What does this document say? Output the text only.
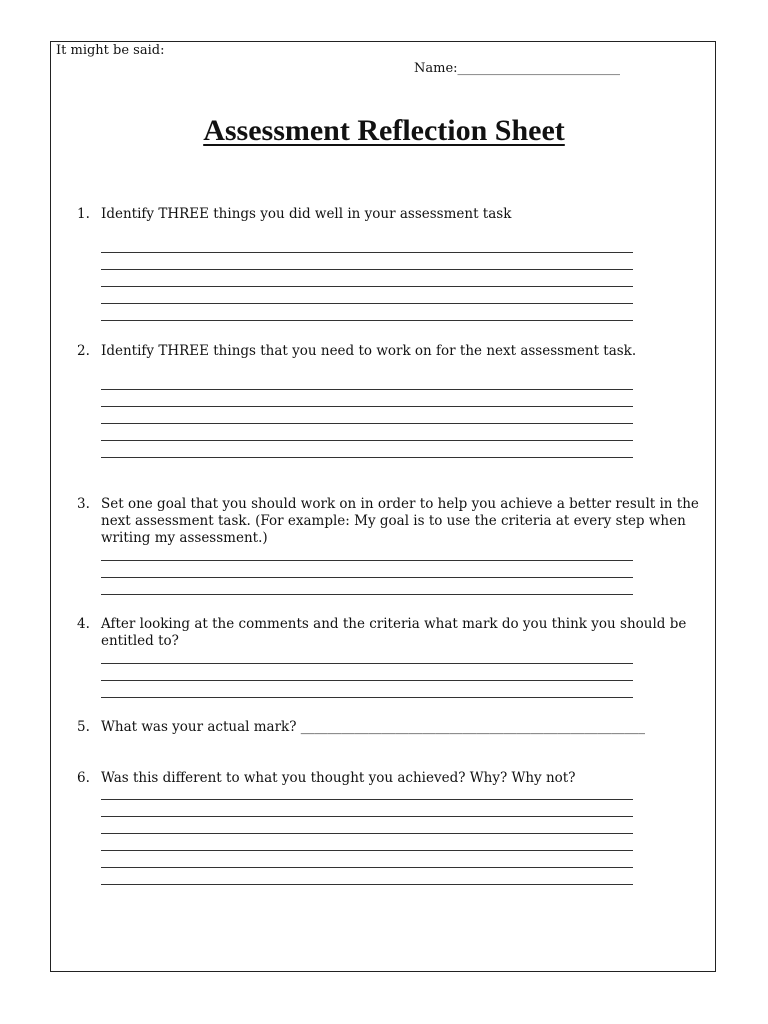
It might be said:
Name:_________________________
Assessment Reflection Sheet
1. Identify THREE things you did well in your assessment task
2. Identify THREE things that you need to work on for the next assessment task.
3. Set one goal that you should work on in order to help you achieve a better result in the next assessment task. (For example: My goal is to use the criteria at every step when writing my assessment.)
4. After looking at the comments and the criteria what mark do you think you should be entitled to?
5. What was your actual mark? ___________________________________________________
6. Was this different to what you thought you achieved? Why? Why not?
